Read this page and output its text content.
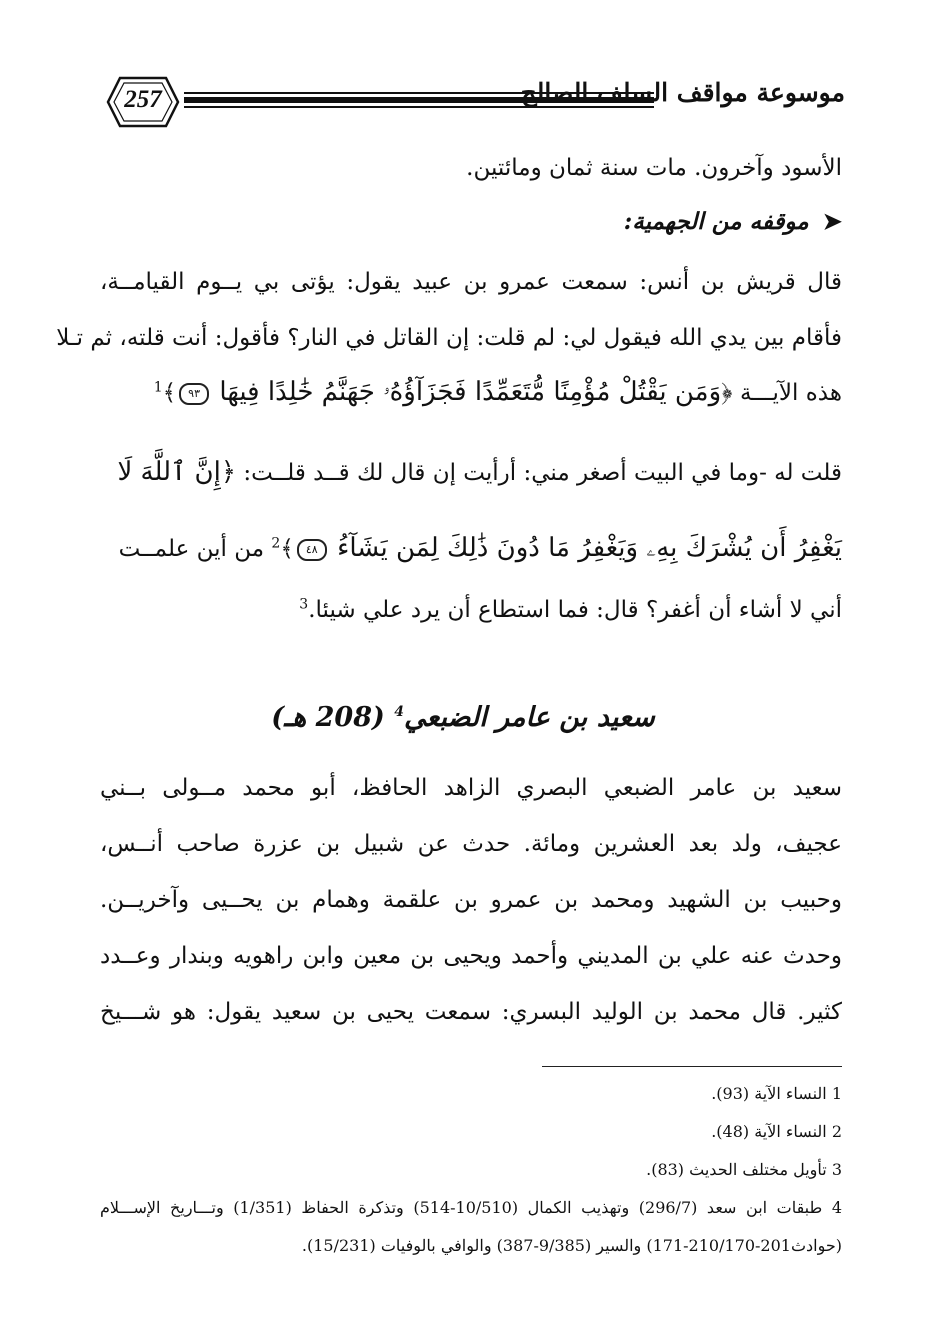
257	موسوعة مواقف السلف الصالح
الأسود وآخرون. مات سنة ثمان ومائتين.
➤موقفه من الجهمية:
قال قريش بن أنس: سمعت عمرو بن عبيد يقول: يؤتى بي يــوم القيامــة،
فأقام بين يدي الله فيقول لي: لم قلت: إن القاتل في النار؟ فأقول: أنت قلته، ثم تـلا
هذه الآيـــة ﴿وَمَن يَقْتُلْ مُؤْمِنًا مُّتَعَمِّدًا فَجَزَآؤُهُۥ جَهَنَّمُ خَٰلِدًا فِيهَا ٩٣﴾$^1$
قلت له -وما في البيت أصغر مني: أرأيت إن قال لك قــد قلــت: ﴿إِنَّ ٱللَّهَ لَا
يَغْفِرُ أَن يُشْرَكَ بِهِۦ وَيَغْفِرُ مَا دُونَ ذَٰلِكَ لِمَن يَشَآءُ ٤٨﴾$^2$ من أين علمــت
أني لا أشاء أن أغفر؟ قال: فما استطاع أن يرد علي شيئا.$^3$
سعيد بن عامر الضبعي$^4$ (208 هـ)
سعيد بن عامر الضبعي البصري الزاهد الحافظ، أبو محمد مــولى بــني
عجيف، ولد بعد العشرين ومائة. حدث عن شبيل بن عزرة صاحب أنــس،
وحبيب بن الشهيد ومحمد بن عمرو بن علقمة وهمام بن يحــيى وآخريــن.
وحدث عنه علي بن المديني وأحمد ويحيى بن معين وابن راهويه وبندار وعــدد
كثير. قال محمد بن الوليد البسري: سمعت يحيى بن سعيد يقول: هو شـــيخ
1 النساء الآية (93).
2 النساء الآية (48).
3 تأويل مختلف الحديث (83).
4 طبقات ابن سعد (296/7) وتهذيب الكمال (10/510-514) وتذكرة الحفاظ (1/351) وتـــاريخ الإســـلام
(حوادث201-210/170-171) والسير (9/385-387) والوافي بالوفيات (15/231).
